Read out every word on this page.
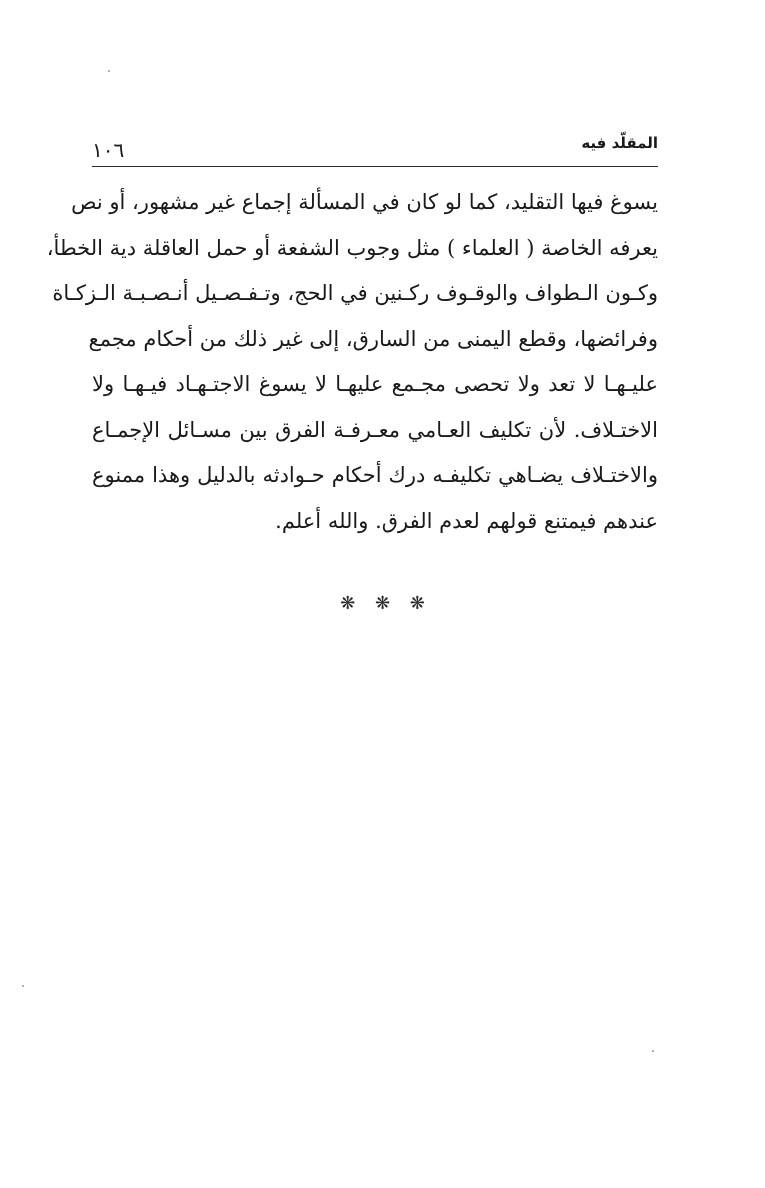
المقلّد فيه
١٠٦
يسوغ فيها التقليد، كما لو كان في المسألة إجماع غير مشهور، أو نص
يعرفه الخاصة ( العلماء ) مثل وجوب الشفعة أو حمل العاقلة دية الخطأ،
وكـون الـطواف والوقـوف ركـنين في الحج، وتـفـصـيل أنـصـبـة الـزكـاة
وفرائضها، وقطع اليمنى من السارق، إلى غير ذلك من أحكام مجمع
عليـهـا لا تعد ولا تحصى مجـمع عليهـا لا يسوغ الاجتـهـاد فيـهـا ولا
الاختـلاف. لأن تكليف العـامي معـرفـة الفرق بين مسـائل الإجمـاع
والاختـلاف يضـاهي تكليفـه درك أحكام حـوادثه بالدليل وهذا ممنوع
عندهم فيمتنع قولهم لعدم الفرق. والله أعلم.
❋ ❋ ❋
